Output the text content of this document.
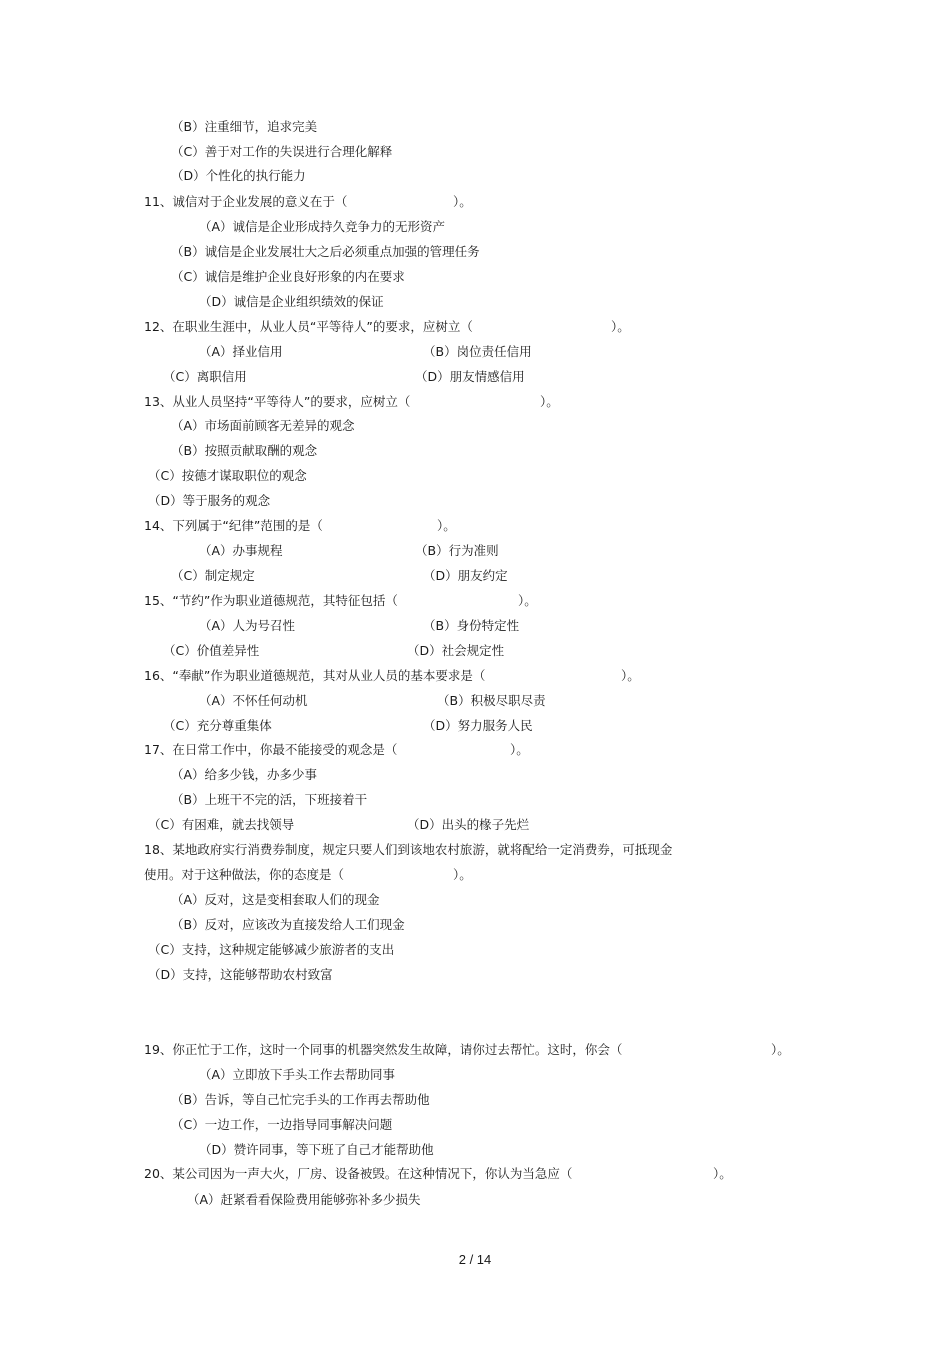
（B）注重细节，追求完美
（C）善于对工作的失误进行合理化解释
（D）个性化的执行能力
11、诚信对于企业发展的意义在于（	）。
（A）诚信是企业形成持久竞争力的无形资产
（B）诚信是企业发展壮大之后必须重点加强的管理任务
（C）诚信是维护企业良好形象的内在要求
（D）诚信是企业组织绩效的保证
12、在职业生涯中，从业人员“平等待人”的要求，应树立（	）。
（A）择业信用	（B）岗位责任信用
（C）离职信用	（D）朋友情感信用
13、从业人员坚持“平等待人”的要求，应树立（	）。
（A）市场面前顾客无差异的观念
（B）按照贡献取酬的观念
（C）按德才谋取职位的观念
（D）等于服务的观念
14、下列属于“纪律”范围的是（	）。
（A）办事规程	（B）行为准则
（C）制定规定	（D）朋友约定
15、“节约”作为职业道德规范，其特征包括（	）。
（A）人为号召性	（B）身份特定性
（C）价值差异性	（D）社会规定性
16、“奉献”作为职业道德规范，其对从业人员的基本要求是（	）。
（A）不怀任何动机	（B）积极尽职尽责
（C）充分尊重集体	（D）努力服务人民
17、在日常工作中，你最不能接受的观念是（	）。
（A）给多少钱，办多少事
（B）上班干不完的活，下班接着干
（C）有困难，就去找领导	（D）出头的椽子先烂
18、某地政府实行消费券制度，规定只要人们到该地农村旅游，就将配给一定消费券，可抵现金
使用。对于这种做法，你的态度是（	）。
（A）反对，这是变相套取人们的现金
（B）反对，应该改为直接发给人工们现金
（C）支持，这种规定能够减少旅游者的支出
（D）支持，这能够帮助农村致富
19、你正忙于工作，这时一个同事的机器突然发生故障，请你过去帮忙。这时，你会（	）。
（A）立即放下手头工作去帮助同事
（B）告诉，等自己忙完手头的工作再去帮助他
（C）一边工作，一边指导同事解决问题
（D）赞许同事，等下班了自己才能帮助他
20、某公司因为一声大火，厂房、设备被毁。在这种情况下，你认为当急应（	）。
（A）赶紧看看保险费用能够弥补多少损失
2 / 14
